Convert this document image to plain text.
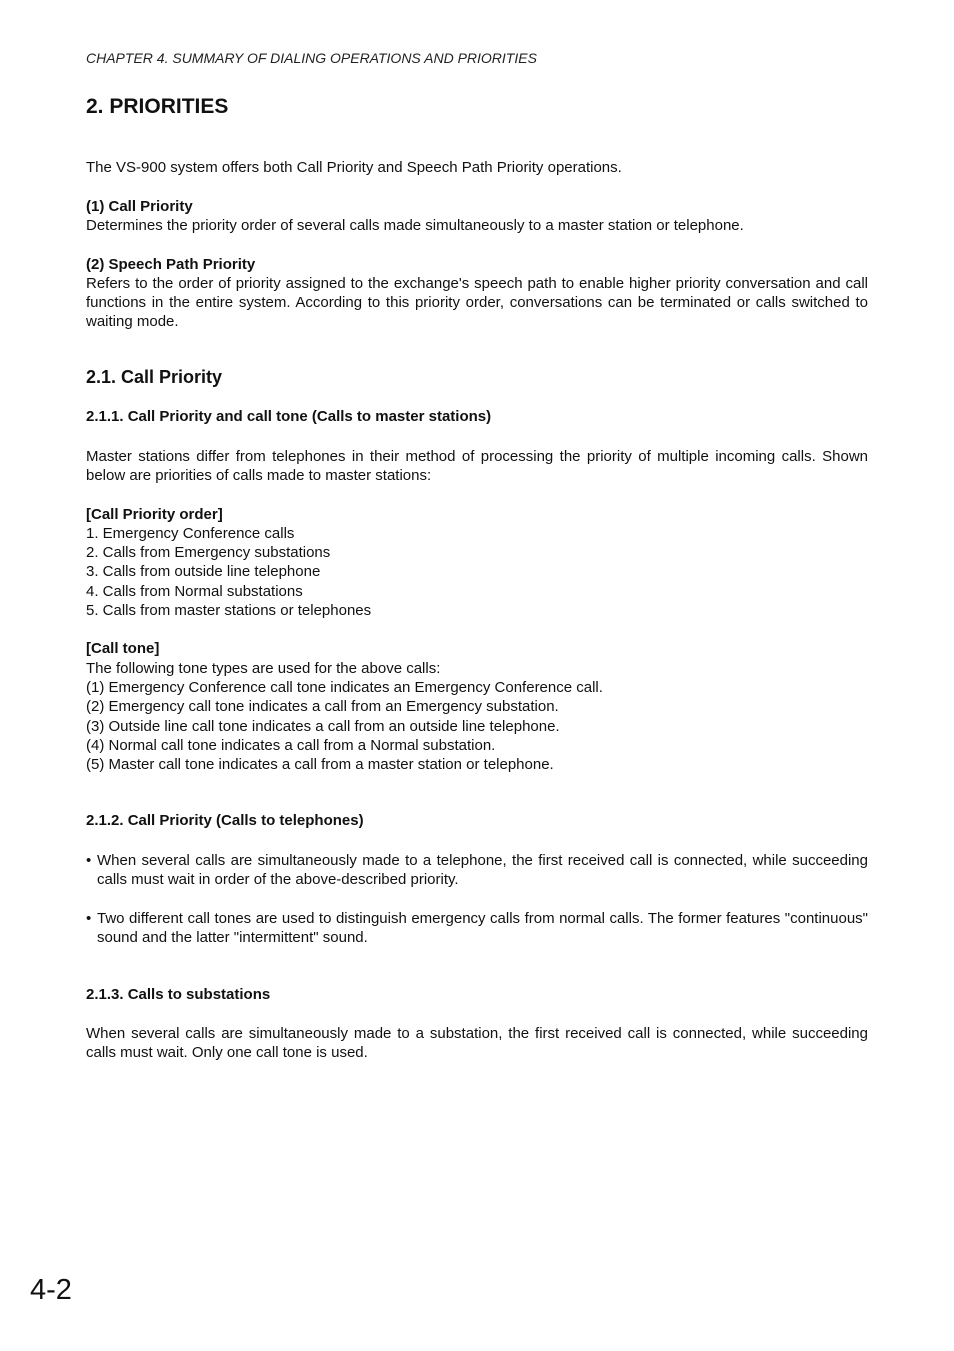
CHAPTER 4. SUMMARY OF DIALING OPERATIONS AND PRIORITIES
2. PRIORITIES
The VS-900 system offers both Call Priority and Speech Path Priority operations.
(1) Call Priority
Determines the priority order of several calls made simultaneously to a master station or telephone.
(2) Speech Path Priority
Refers to the order of priority assigned to the exchange's speech path to enable higher priority conversation and call functions in the entire system. According to this priority order, conversations can be terminated or calls switched to waiting mode.
2.1. Call Priority
2.1.1. Call Priority and call tone (Calls to master stations)
Master stations differ from telephones in their method of processing the priority of multiple incoming calls. Shown below are priorities of calls made to master stations:
[Call Priority order]
1. Emergency Conference calls
2. Calls from Emergency substations
3. Calls from outside line telephone
4. Calls from Normal substations
5. Calls from master stations or telephones
[Call tone]
The following tone types are used for the above calls:
(1) Emergency Conference call tone indicates an Emergency Conference call.
(2) Emergency call tone indicates a call from an Emergency substation.
(3) Outside line call tone indicates a call from an outside line telephone.
(4) Normal call tone indicates a call from a Normal substation.
(5) Master call tone indicates a call from a master station or telephone.
2.1.2. Call Priority (Calls to telephones)
• When several calls are simultaneously made to a telephone, the first received call is connected, while succeeding calls must wait in order of the above-described priority.
• Two different call tones are used to distinguish emergency calls from normal calls. The former features "continuous" sound and the latter "intermittent" sound.
2.1.3. Calls to substations
When several calls are simultaneously made to a substation, the first received call is connected, while succeeding calls must wait. Only one call tone is used.
4-2
